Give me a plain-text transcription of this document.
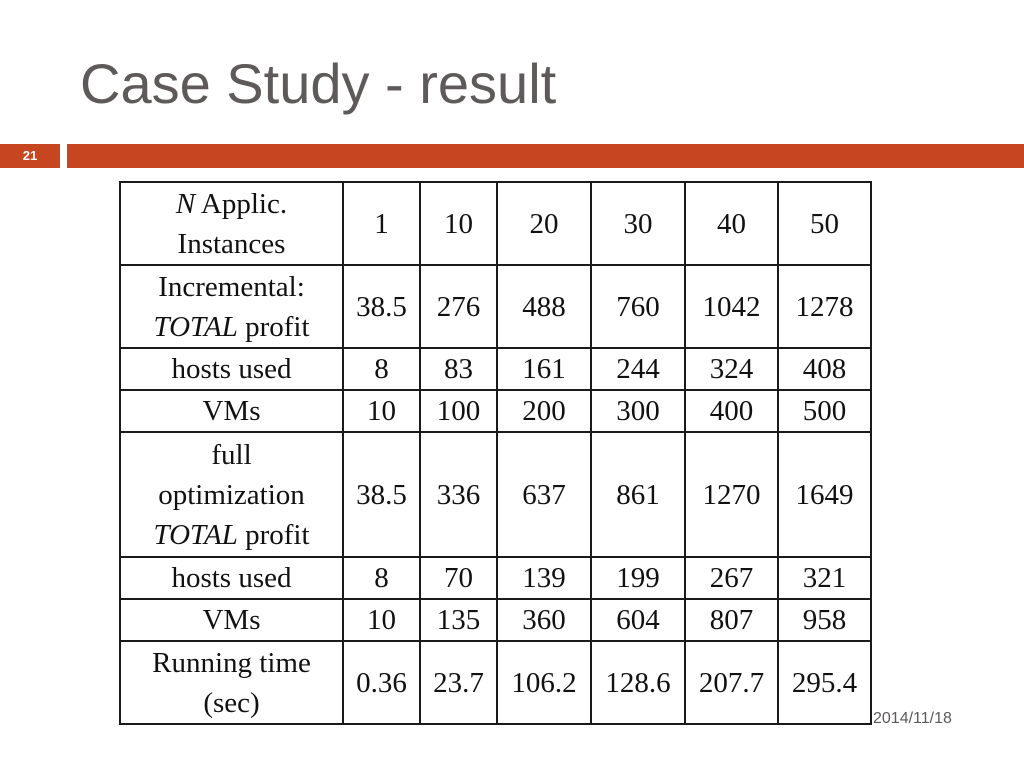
Case Study - result
21
N Applic.
Instances	1	10	20	30	40	50
Incremental:
TOTAL profit	38.5	276	488	760	1042	1278
hosts used	8	83	161	244	324	408
VMs	10	100	200	300	400	500
full
optimization
TOTAL profit	38.5	336	637	861	1270	1649
hosts used	8	70	139	199	267	321
VMs	10	135	360	604	807	958
Running time
(sec)	0.36	23.7	106.2	128.6	207.7	295.4
2014/11/18
